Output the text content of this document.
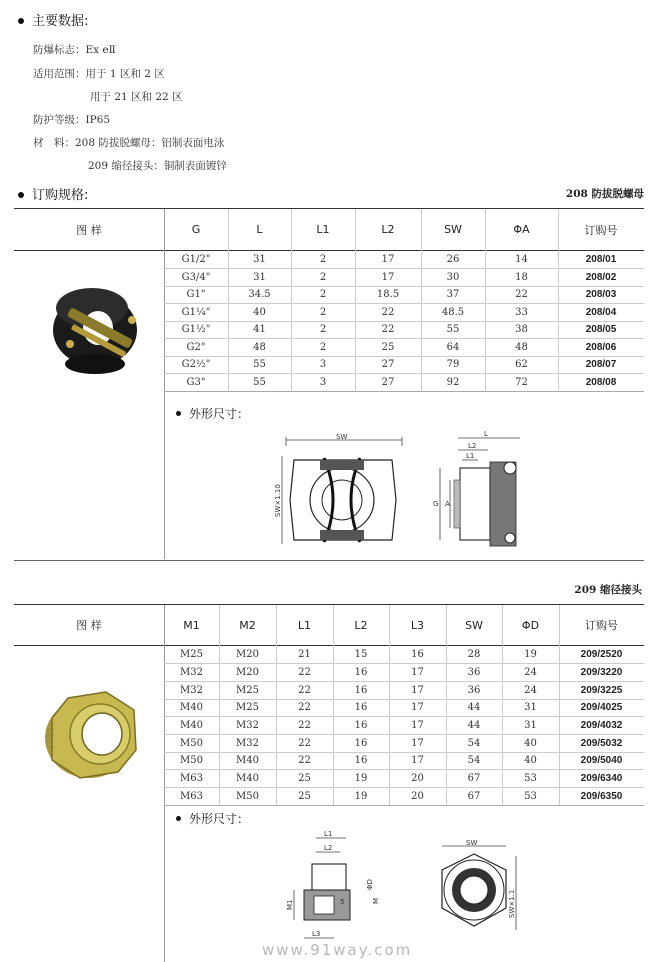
主要数据:
防爆标志：Ex eⅡ
适用范围：用于 1 区和 2 区
用于 21 区和 22 区
防护等级：IP65
材　料：208 防拔脱螺母：铝制表面电泳
209 缩径接头：铜制表面镀锌
订购规格:	208 防拔脱螺母
图 样	G	L	L1	L2	SW	ΦA	订购号
G1/2"	31	2	17	26	14	208/01
G3/4"	31	2	17	30	18	208/02
G1"	34.5	2	18.5	37	22	208/03
G1¼"	40	2	22	48.5	33	208/04
G1½"	41	2	22	55	38	208/05
G2"	48	2	25	64	48	208/06
G2½"	55	3	27	79	62	208/07
G3"	55	3	27	92	72	208/08
外形尺寸：
SW
SW×1.10
L
L2
L1
G A
209 缩径接头
图 样	M1	M2	L1	L2	L3	SW	ΦD	订购号
M25	M20	21	15	16	28	19	209/2520
M32	M20	22	16	17	36	24	209/3220
M32	M25	22	16	17	36	24	209/3225
M40	M25	22	16	17	44	31	209/4025
M40	M32	22	16	17	44	31	209/4032
M50	M32	22	16	17	54	40	209/5032
M50	M40	22	16	17	54	40	209/5040
M63	M40	25	19	20	67	53	209/6340
M63	M50	25	19	20	67	53	209/6350
外形尺寸：
L1
L2
M1
ΦD
M
5
L3
SW
SW×1.1
www.91way.com
